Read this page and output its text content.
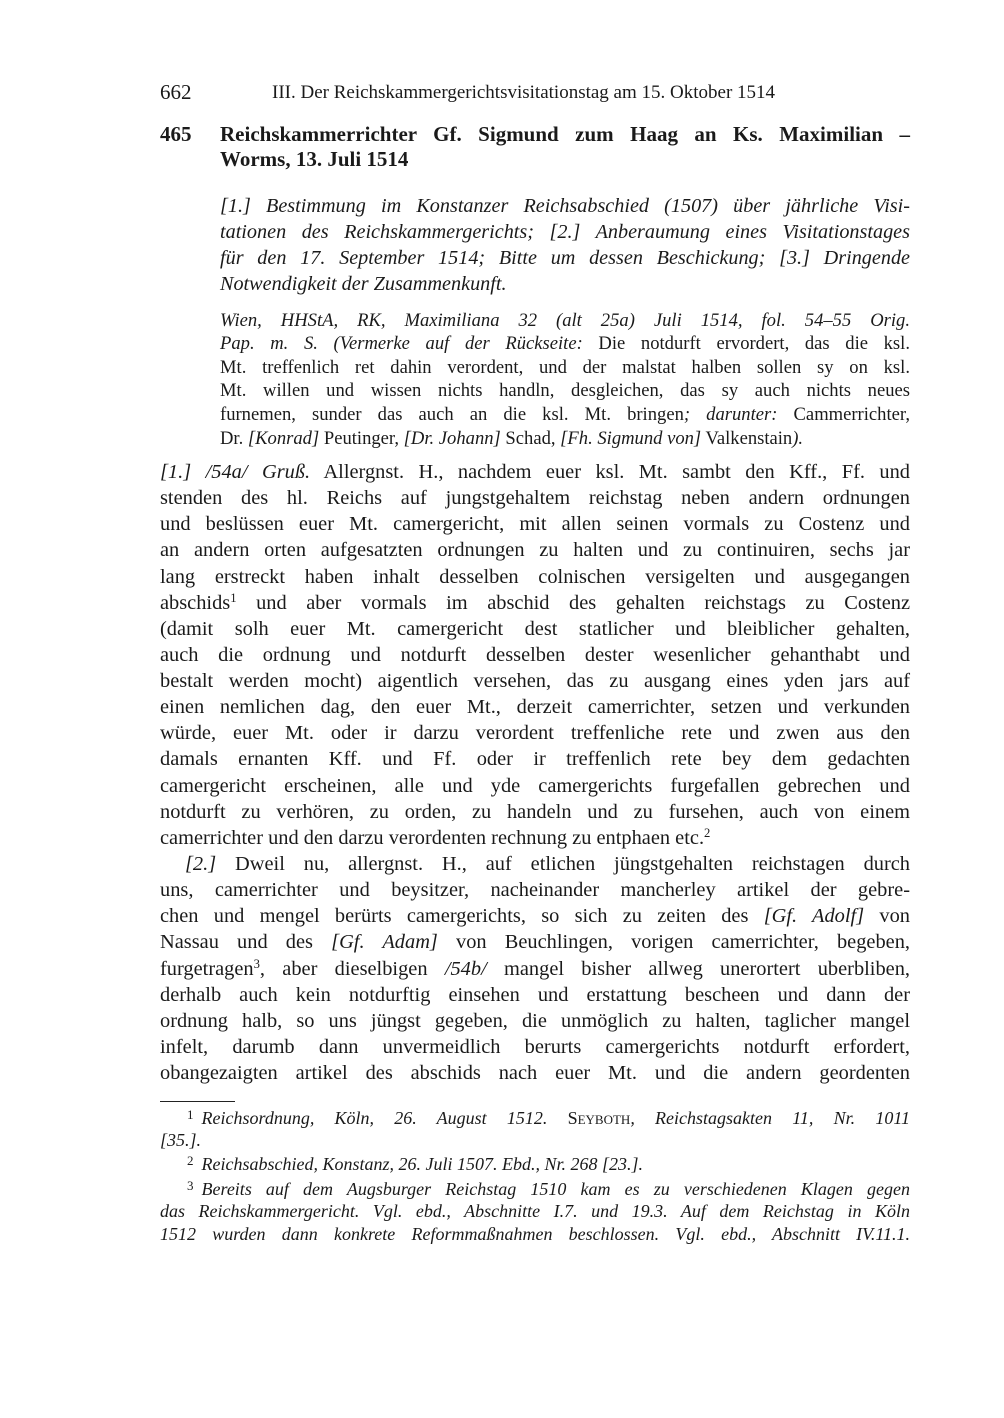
662	III. Der Reichskammergerichtsvisitationstag am 15. Oktober 1514
465 Reichskammerrichter Gf. Sigmund zum Haag an Ks. Maximilian –
Worms, 13. Juli 1514
[1.] Bestimmung im Konstanzer Reichsabschied (1507) über jährliche Visi-
tationen des Reichskammergerichts; [2.] Anberaumung eines Visitationstages
für den 17. September 1514; Bitte um dessen Beschickung; [3.] Dringende
Notwendigkeit der Zusammenkunft.
Wien, HHStA, RK, Maximiliana 32 (alt 25a) Juli 1514, fol. 54–55 Orig.
Pap. m. S. (Vermerke auf der Rückseite: Die notdurft ervordert, das die ksl.
Mt. treffenlich ret dahin verordent, und der malstat halben sollen sy on ksl.
Mt. willen und wissen nichts handln, desgleichen, das sy auch nichts neues
furnemen, sunder das auch an die ksl. Mt. bringen; darunter: Cammerrichter,
Dr. [Konrad] Peutinger, [Dr. Johann] Schad, [Fh. Sigmund von] Valkenstain).
[1.] /54a/ Gruß. Allergnst. H., nachdem euer ksl. Mt. sambt den Kff., Ff. und
stenden des hl. Reichs auf jungstgehaltem reichstag neben andern ordnungen
und beslüssen euer Mt. camergericht, mit allen seinen vormals zu Costenz und
an andern orten aufgesatzten ordnungen zu halten und zu continuiren, sechs jar
lang erstreckt haben inhalt desselben colnischen versigelten und ausgegangen
abschids$^1$ und aber vormals im abschid des gehalten reichstags zu Costenz
(damit solh euer Mt. camergericht dest statlicher und bleiblicher gehalten,
auch die ordnung und notdurft desselben dester wesenlicher gehanthabt und
bestalt werden mocht) aigentlich versehen, das zu ausgang eines yden jars auf
einen nemlichen dag, den euer Mt., derzeit camerrichter, setzen und verkunden
würde, euer Mt. oder ir darzu verordent treffenliche rete und zwen aus den
damals ernanten Kff. und Ff. oder ir treffenlich rete bey dem gedachten
camergericht erscheinen, alle und yde camergerichts furgefallen gebrechen und
notdurft zu verhören, zu orden, zu handeln und zu fursehen, auch von einem
camerrichter und den darzu verordenten rechnung zu entphaen etc.$^2$
[2.] Dweil nu, allergnst. H., auf etlichen jüngstgehalten reichstagen durch
uns, camerrichter und beysitzer, nacheinander mancherley artikel der gebre-
chen und mengel berürts camergerichts, so sich zu zeiten des [Gf. Adolf] von
Nassau und des [Gf. Adam] von Beuchlingen, vorigen camerrichter, begeben,
furgetragen$^3$, aber dieselbigen /54b/ mangel bisher allweg unerortert uberbliben,
derhalb auch kein notdurftig einsehen und erstattung bescheen und dann der
ordnung halb, so uns jüngst gegeben, die unmöglich zu halten, taglicher mangel
infelt, darumb dann unvermeidlich berurts camergerichts notdurft erfordert,
obangezaigten artikel des abschids nach euer Mt. und die andern geordenten
$^1$ Reichsordnung, Köln, 26. August 1512. Seyboth, Reichstagsakten 11, Nr. 1011
[35.].
$^2$ Reichsabschied, Konstanz, 26. Juli 1507. Ebd., Nr. 268 [23.].
$^3$ Bereits auf dem Augsburger Reichstag 1510 kam es zu verschiedenen Klagen gegen
das Reichskammergericht. Vgl. ebd., Abschnitte I.7. und 19.3. Auf dem Reichstag in Köln
1512 wurden dann konkrete Reformmaßnahmen beschlossen. Vgl. ebd., Abschnitt IV.11.1.
